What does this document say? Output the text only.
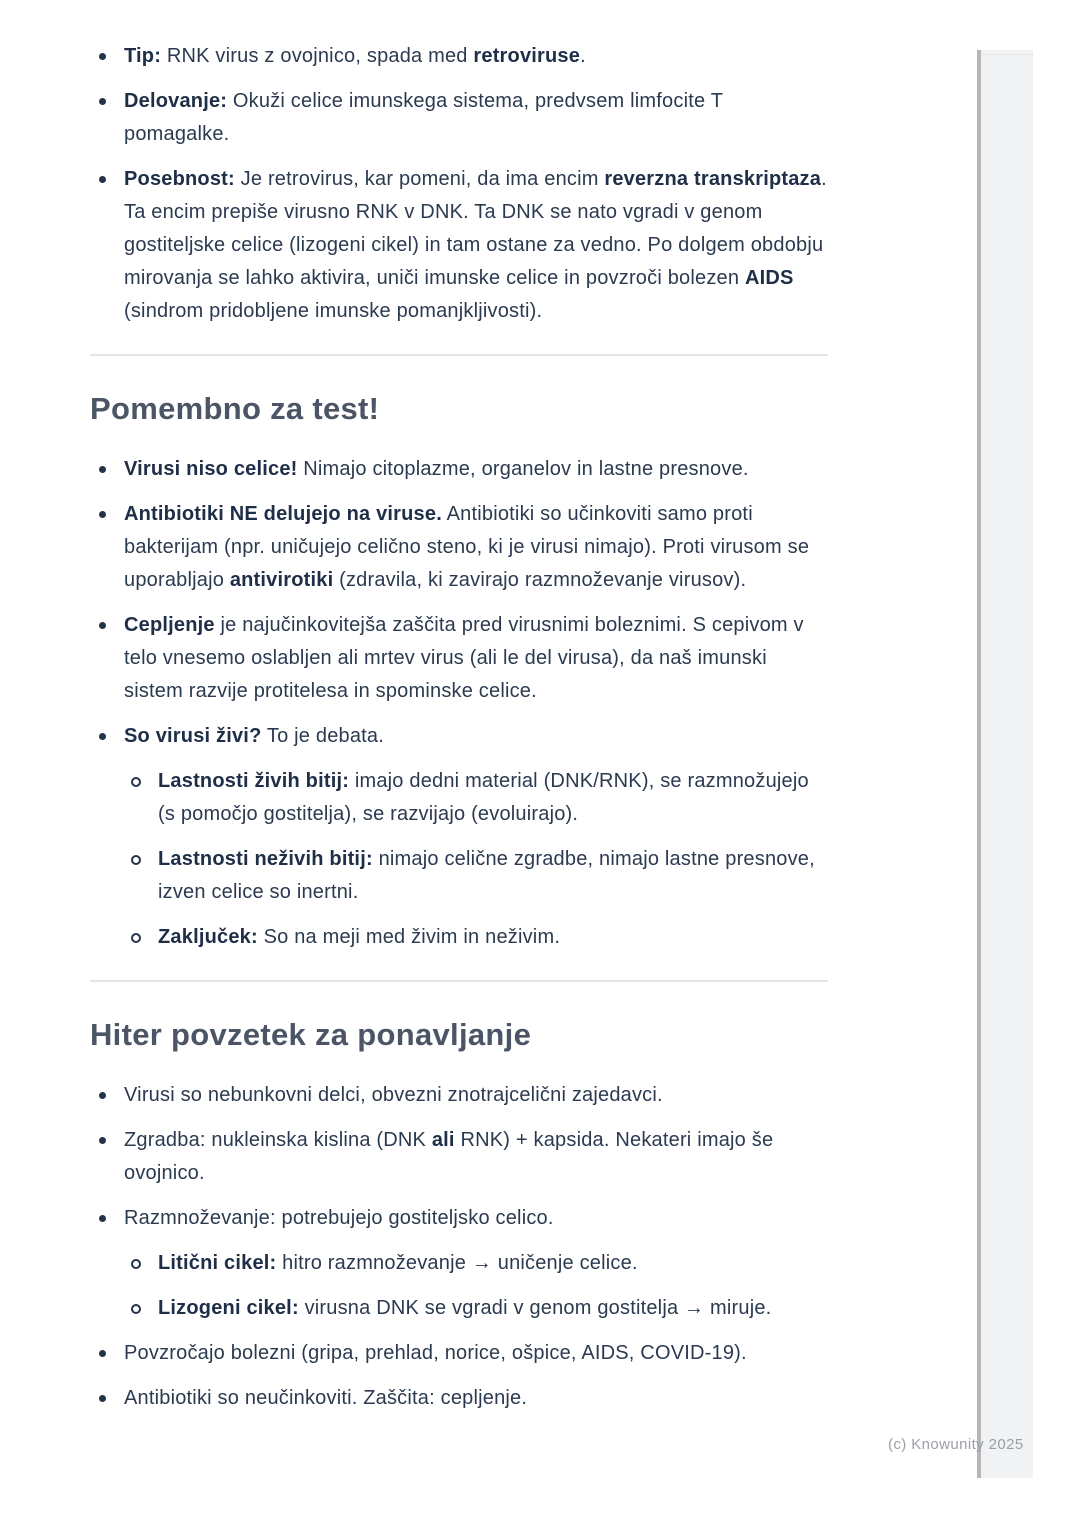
Tip: RNK virus z ovojnico, spada med retroviruse.
Delovanje: Okuži celice imunskega sistema, predvsem limfocite T pomagalke.
Posebnost: Je retrovirus, kar pomeni, da ima encim reverzna transkriptaza. Ta encim prepiše virusno RNK v DNK. Ta DNK se nato vgradi v genom gostiteljske celice (lizogeni cikel) in tam ostane za vedno. Po dolgem obdobju mirovanja se lahko aktivira, uniči imunske celice in povzroči bolezen AIDS (sindrom pridobljene imunske pomanjkljivosti).
Pomembno za test!
Virusi niso celice! Nimajo citoplazme, organelov in lastne presnove.
Antibiotiki NE delujejo na viruse. Antibiotiki so učinkoviti samo proti bakterijam (npr. uničujejo celično steno, ki je virusi nimajo). Proti virusom se uporabljajo antivirotiki (zdravila, ki zavirajo razmnoževanje virusov).
Cepljenje je najučinkovitejša zaščita pred virusnimi boleznimi. S cepivom v telo vnesemo oslabljen ali mrtev virus (ali le del virusa), da naš imunski sistem razvije protitelesa in spominske celice.
So virusi živi? To je debata.
Lastnosti živih bitij: imajo dedni material (DNK/RNK), se razmnožujejo (s pomočjo gostitelja), se razvijajo (evoluirajo).
Lastnosti neživih bitij: nimajo celične zgradbe, nimajo lastne presnove, izven celice so inertni.
Zaključek: So na meji med živim in neživim.
Hiter povzetek za ponavljanje
Virusi so nebunkovni delci, obvezni znotrajcelični zajedavci.
Zgradba: nukleinska kislina (DNK ali RNK) + kapsida. Nekateri imajo še ovojnico.
Razmnoževanje: potrebujejo gostiteljsko celico.
Litični cikel: hitro razmnoževanje → uničenje celice.
Lizogeni cikel: virusna DNK se vgradi v genom gostitelja → miruje.
Povzročajo bolezni (gripa, prehlad, norice, ošpice, AIDS, COVID-19).
Antibiotiki so neučinkoviti. Zaščita: cepljenje.
(c) Knowunity 2025
